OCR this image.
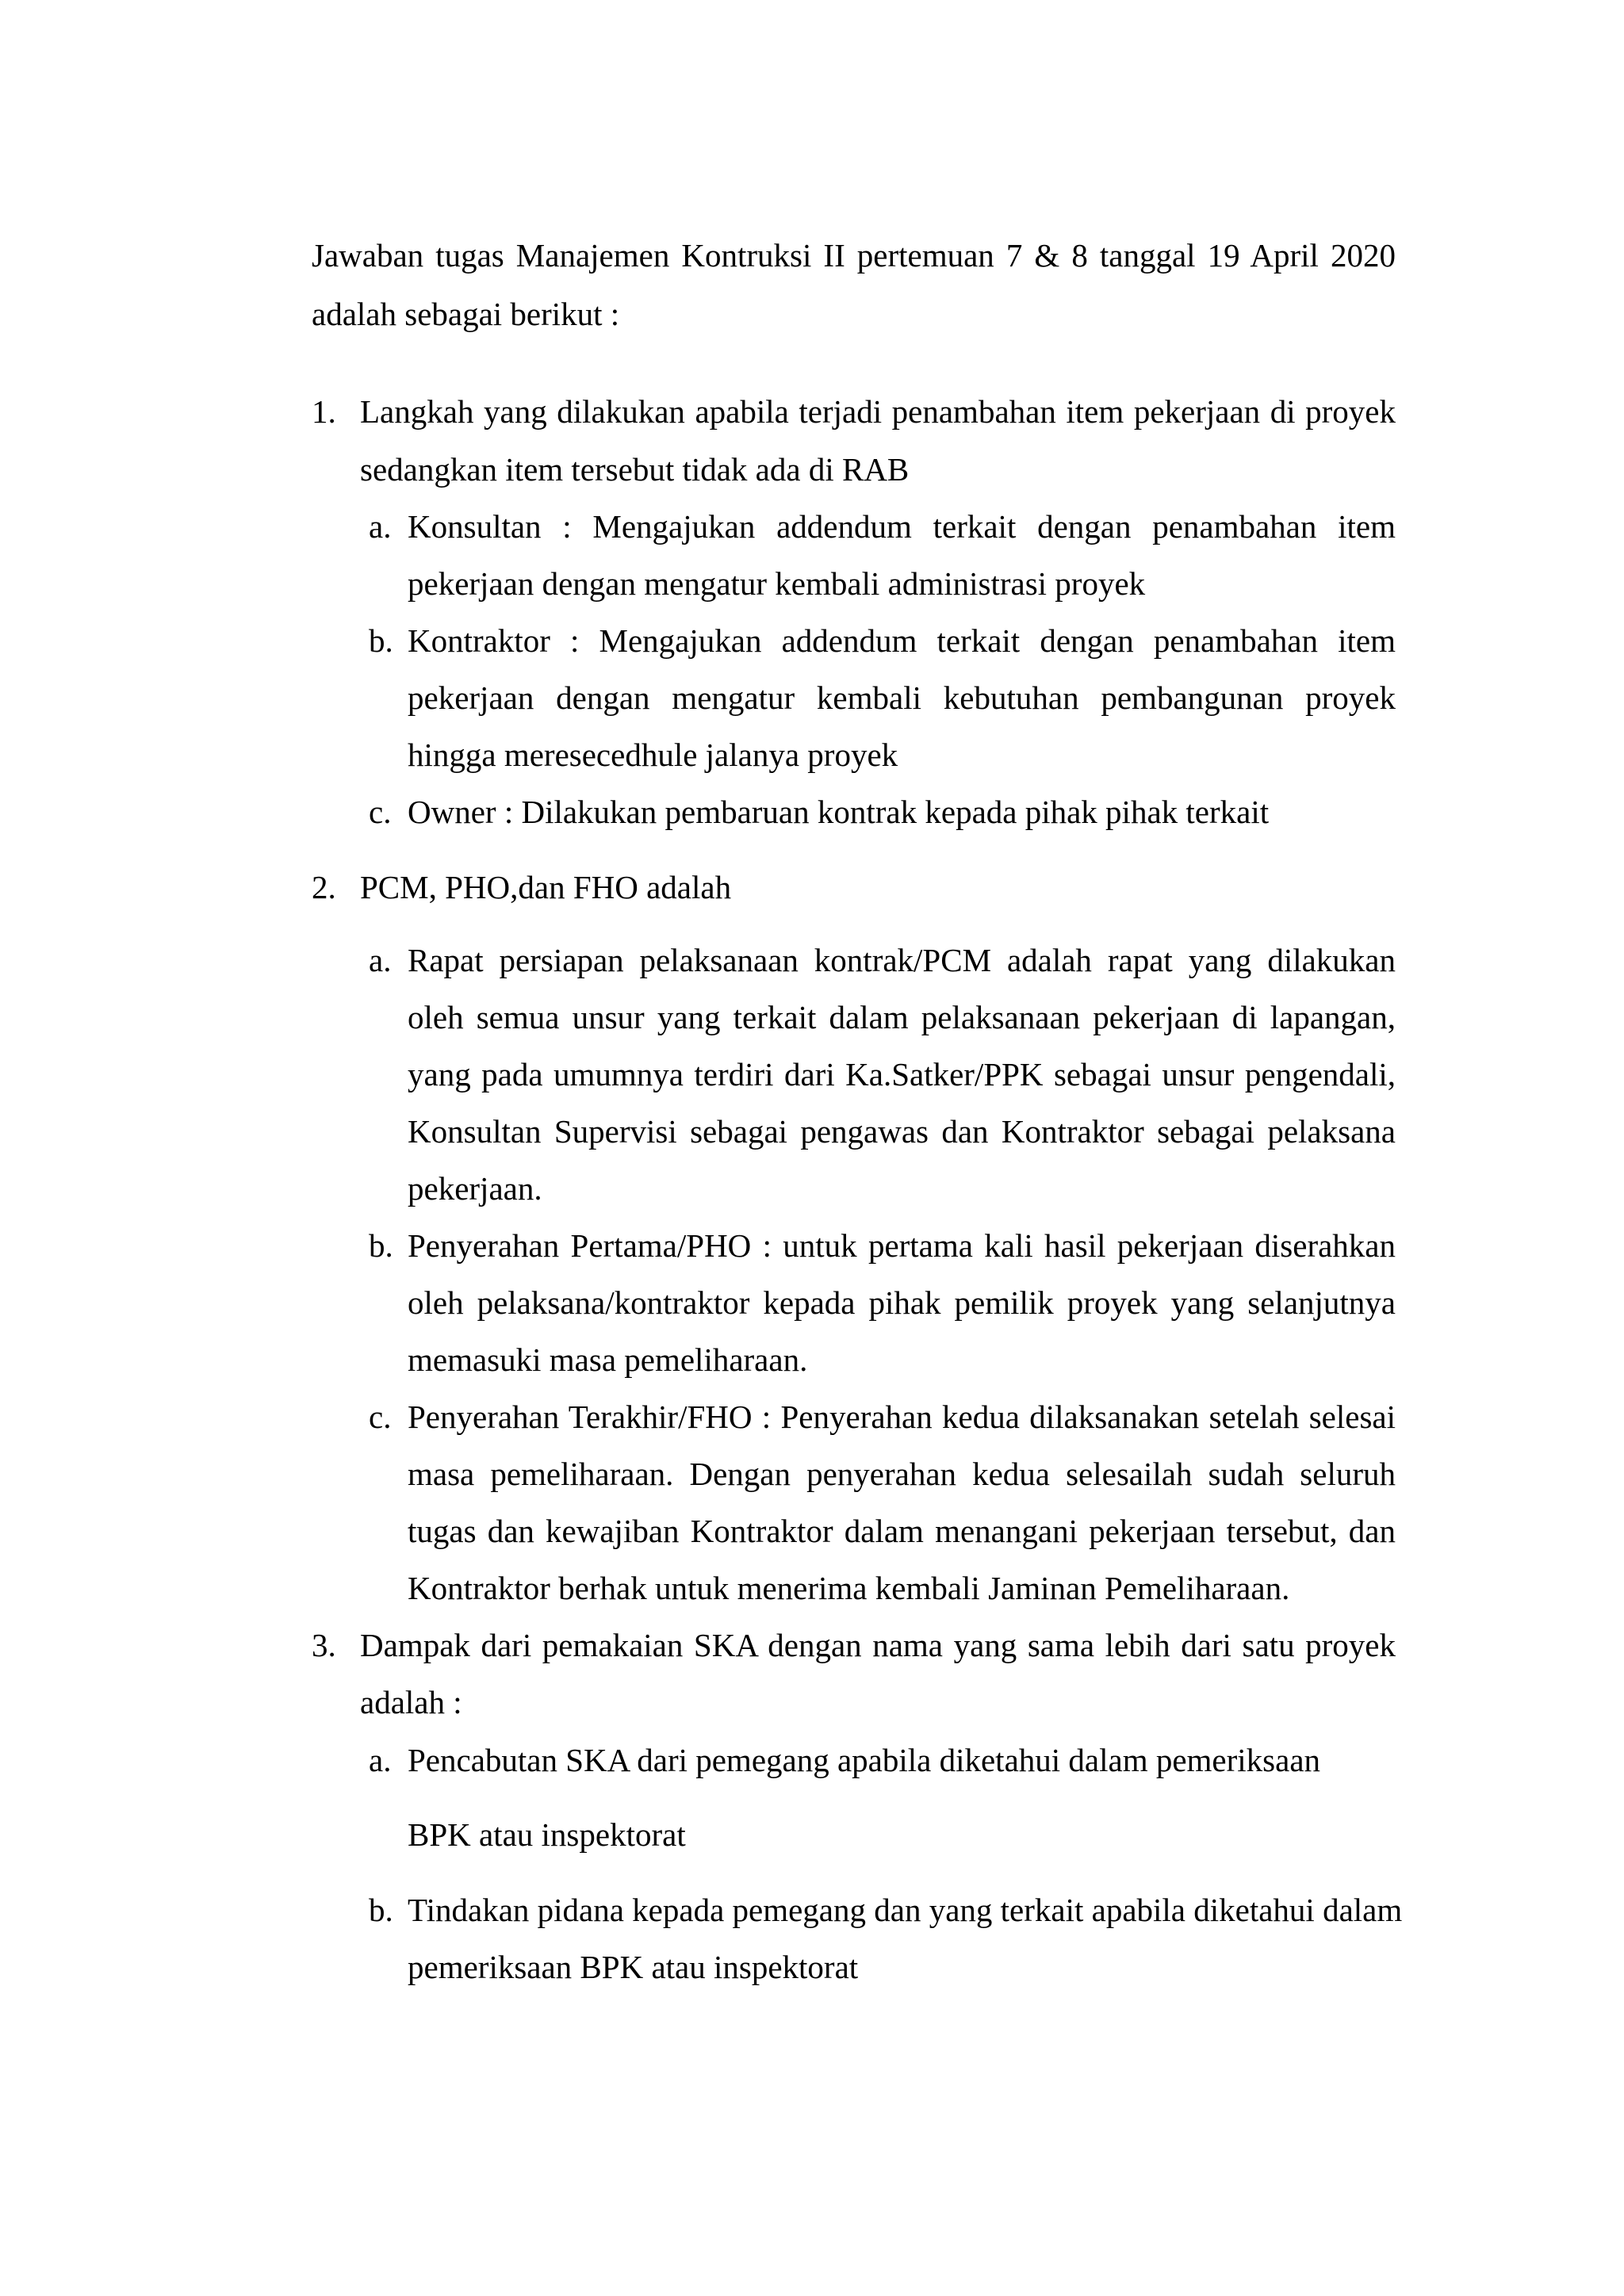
Jawaban tugas Manajemen Kontruksi II pertemuan 7 & 8 tanggal 19 April 2020
adalah sebagai berikut :
1. Langkah yang dilakukan apabila terjadi penambahan item pekerjaan di proyek
sedangkan item tersebut tidak ada di RAB
a. Konsultan : Mengajukan addendum terkait dengan penambahan item
pekerjaan dengan mengatur kembali administrasi proyek
b. Kontraktor : Mengajukan addendum terkait dengan penambahan item
pekerjaan dengan mengatur kembali kebutuhan pembangunan proyek
hingga meresecedhule jalanya proyek
c. Owner : Dilakukan pembaruan kontrak kepada pihak pihak terkait
2. PCM, PHO,dan FHO adalah
a. Rapat persiapan pelaksanaan kontrak/PCM adalah rapat yang dilakukan
oleh semua unsur yang terkait dalam pelaksanaan pekerjaan di lapangan,
yang pada umumnya terdiri dari Ka.Satker/PPK sebagai unsur pengendali,
Konsultan Supervisi sebagai pengawas dan Kontraktor sebagai pelaksana
pekerjaan.
b. Penyerahan Pertama/PHO : untuk pertama kali hasil pekerjaan diserahkan
oleh pelaksana/kontraktor kepada pihak pemilik proyek yang selanjutnya
memasuki masa pemeliharaan.
c. Penyerahan Terakhir/FHO : Penyerahan kedua dilaksanakan setelah selesai
masa pemeliharaan. Dengan penyerahan kedua selesailah sudah seluruh
tugas dan kewajiban Kontraktor dalam menangani pekerjaan tersebut, dan
Kontraktor berhak untuk menerima kembali Jaminan Pemeliharaan.
3. Dampak dari pemakaian SKA dengan nama yang sama lebih dari satu proyek
adalah :
a. Pencabutan SKA dari pemegang apabila diketahui dalam pemeriksaan
BPK atau inspektorat
b. Tindakan pidana kepada pemegang dan yang terkait apabila diketahui dalam
pemeriksaan BPK atau inspektorat
